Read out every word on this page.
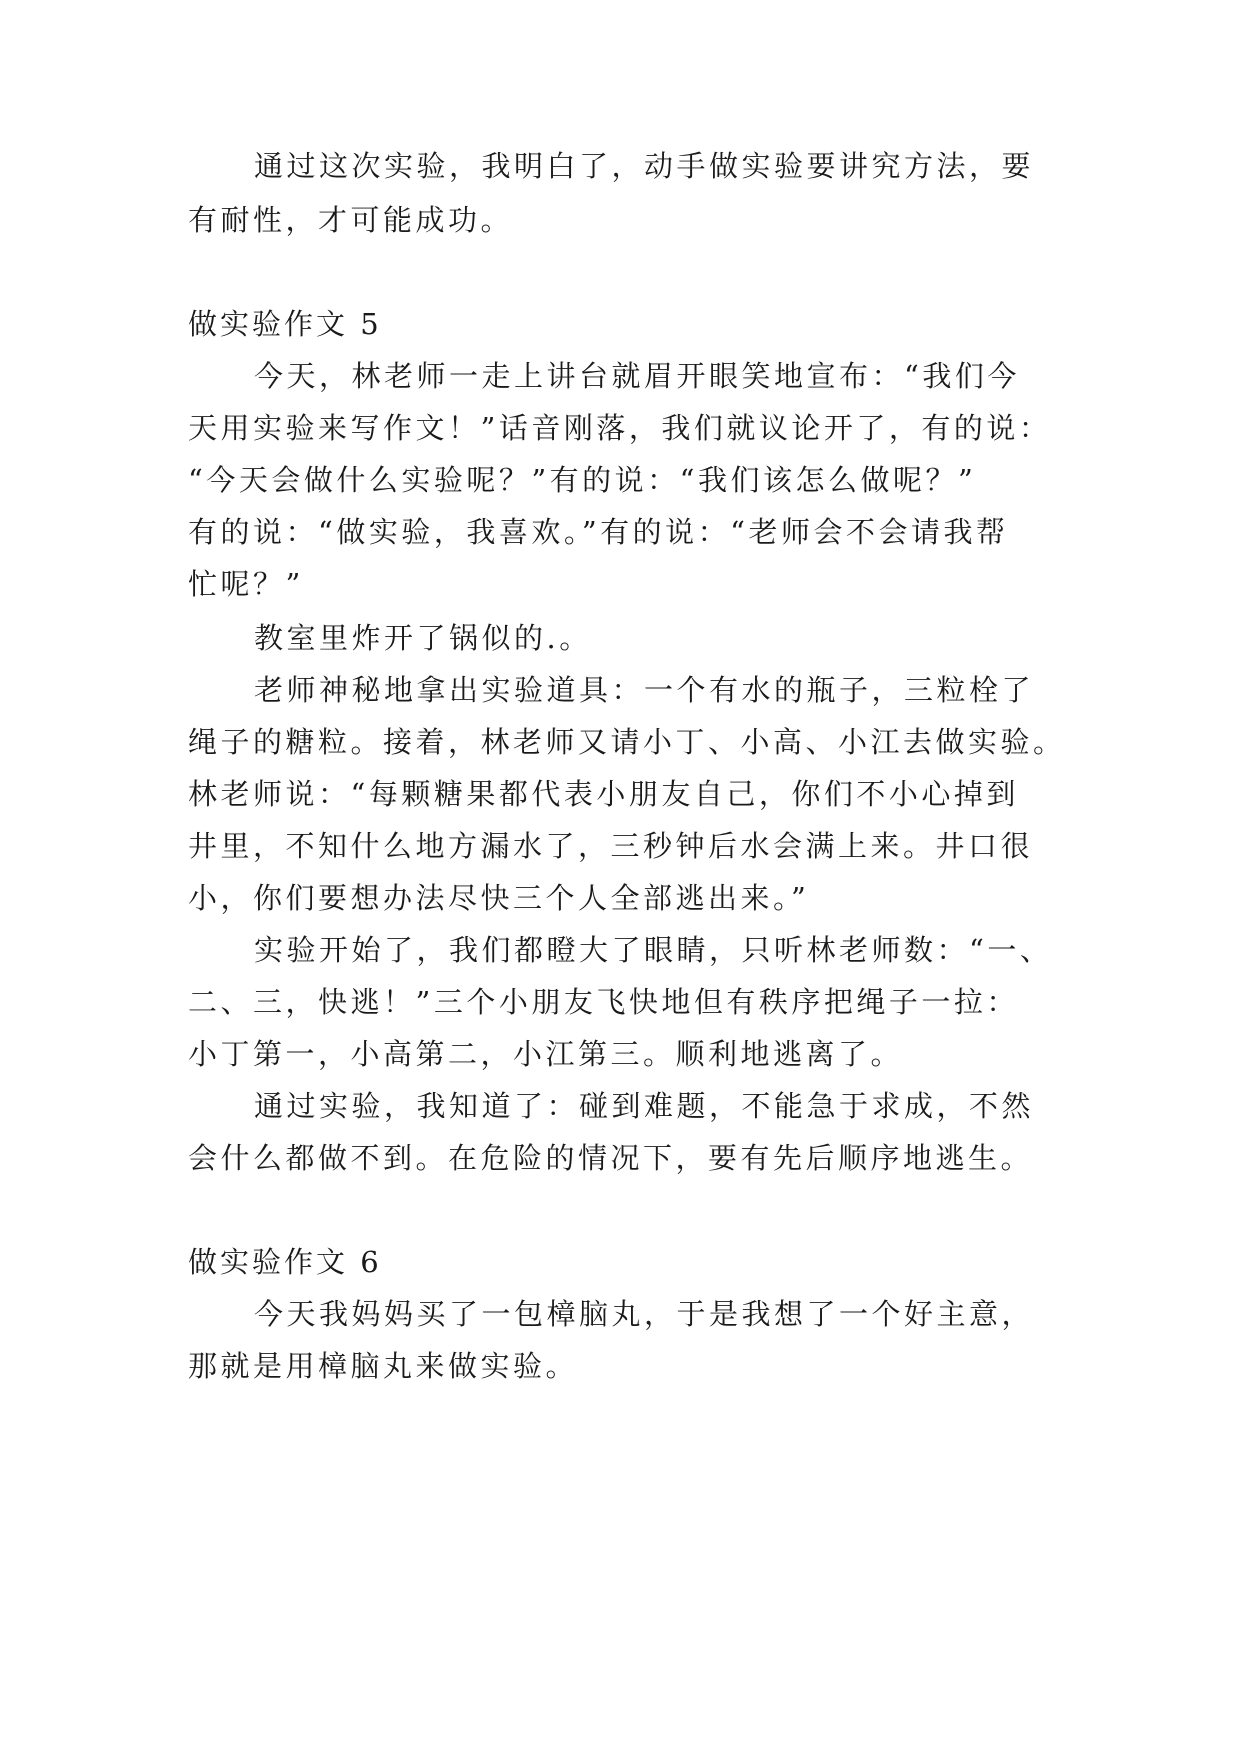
通过这次实验，我明白了，动手做实验要讲究方法，要
有耐性，才可能成功。
做实验作文 5
今天，林老师一走上讲台就眉开眼笑地宣布：“我们今
天用实验来写作文！”话音刚落，我们就议论开了，有的说：
“今天会做什么实验呢？”有的说：“我们该怎么做呢？”
有的说：“做实验，我喜欢。”有的说：“老师会不会请我帮
忙呢？”
教室里炸开了锅似的.。
老师神秘地拿出实验道具：一个有水的瓶子，三粒栓了
绳子的糖粒。接着，林老师又请小丁、小高、小江去做实验。
林老师说：“每颗糖果都代表小朋友自己，你们不小心掉到
井里，不知什么地方漏水了，三秒钟后水会满上来。井口很
小，你们要想办法尽快三个人全部逃出来。”
实验开始了，我们都瞪大了眼睛，只听林老师数：“一、
二、三，快逃！”三个小朋友飞快地但有秩序把绳子一拉：
小丁第一，小高第二，小江第三。顺利地逃离了。
通过实验，我知道了：碰到难题，不能急于求成，不然
会什么都做不到。在危险的情况下，要有先后顺序地逃生。
做实验作文 6
今天我妈妈买了一包樟脑丸，于是我想了一个好主意，
那就是用樟脑丸来做实验。
